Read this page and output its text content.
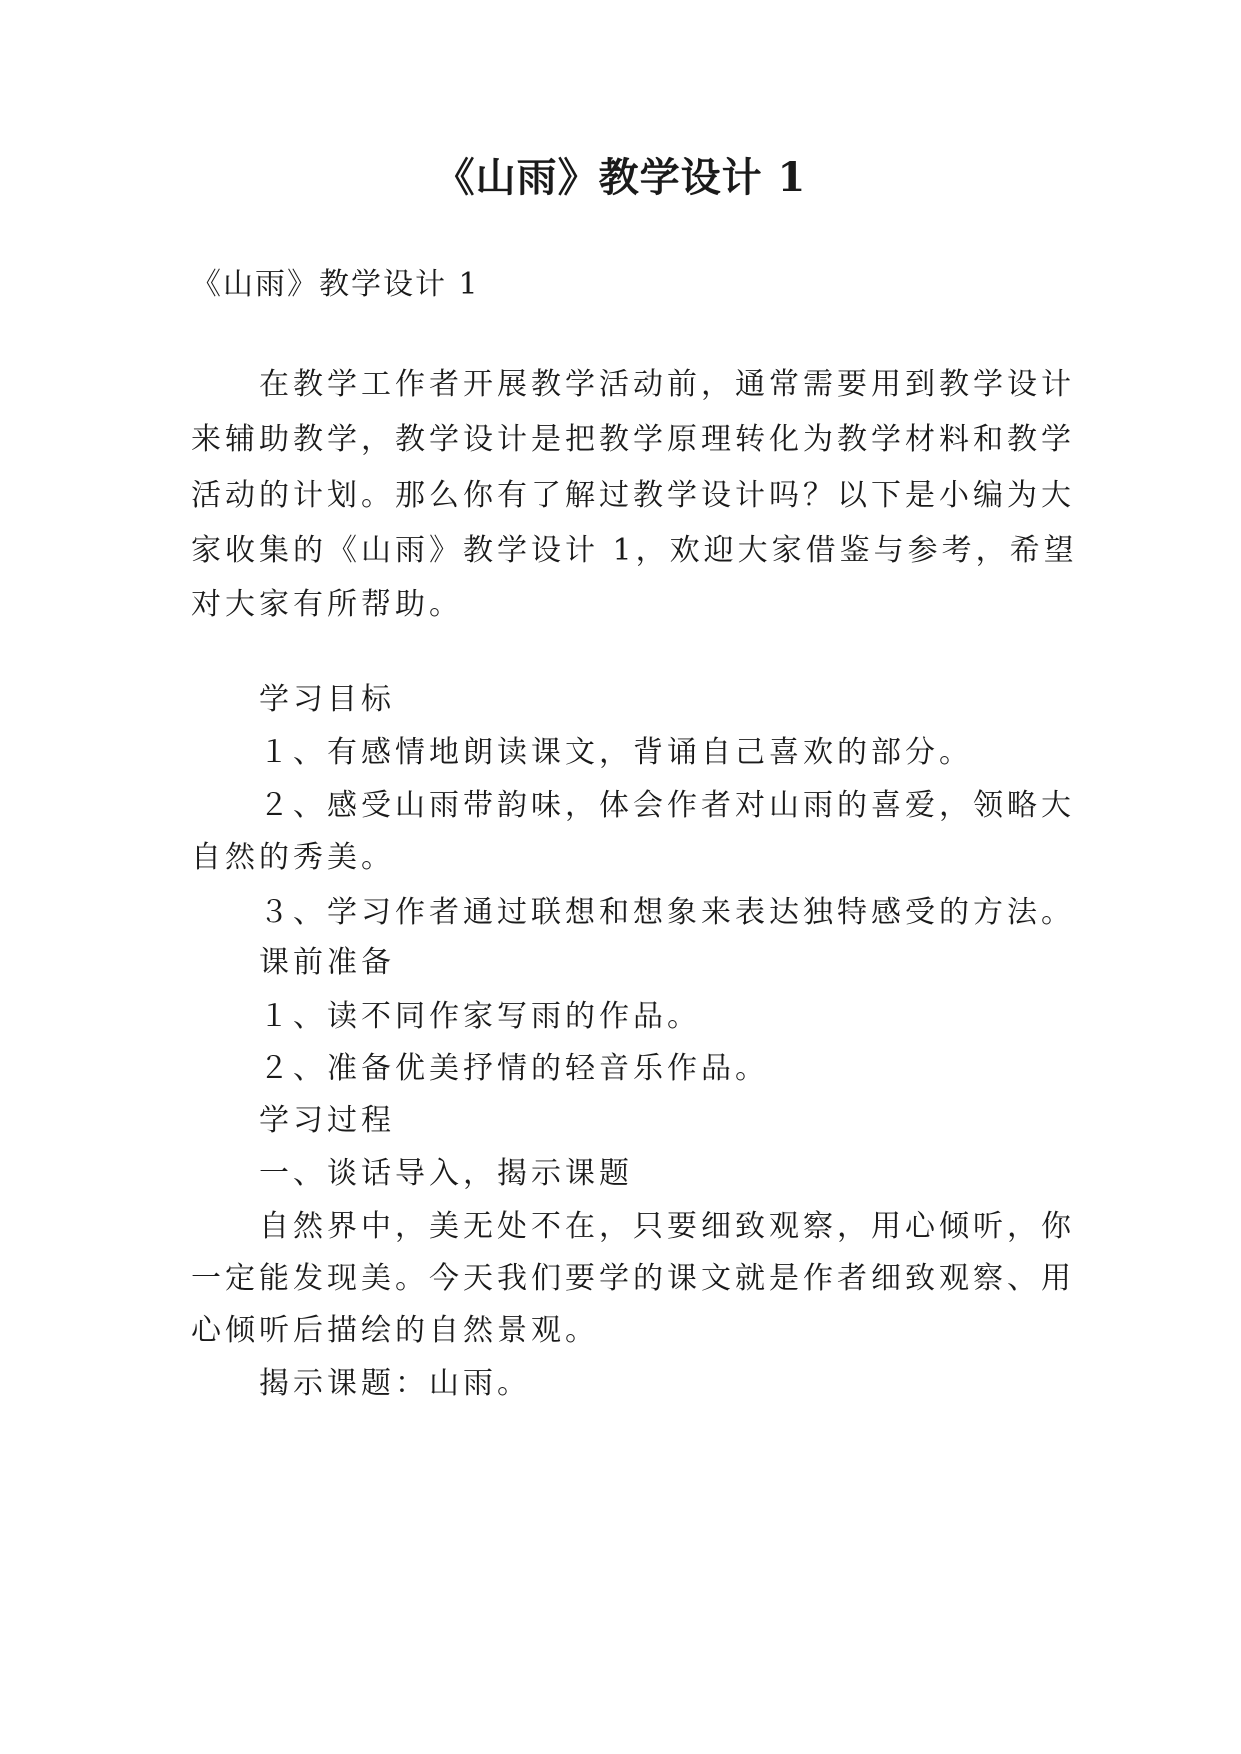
《山雨》教学设计 1
《山雨》教学设计 1
　　在教学工作者开展教学活动前，通常需要用到教学设计
来辅助教学，教学设计是把教学原理转化为教学材料和教学
活动的计划。那么你有了解过教学设计吗？以下是小编为大
家收集的《山雨》教学设计 1，欢迎大家借鉴与参考，希望
对大家有所帮助。
　　学习目标
　　１、有感情地朗读课文，背诵自己喜欢的部分。
　　２、感受山雨带韵味，体会作者对山雨的喜爱，领略大
自然的秀美。
　　３、学习作者通过联想和想象来表达独特感受的方法。
　　课前准备
　　１、读不同作家写雨的作品。
　　２、准备优美抒情的轻音乐作品。
　　学习过程
　　一、谈话导入，揭示课题
　　自然界中，美无处不在，只要细致观察，用心倾听，你
一定能发现美。今天我们要学的课文就是作者细致观察、用
心倾听后描绘的自然景观。
　　揭示课题：山雨。
